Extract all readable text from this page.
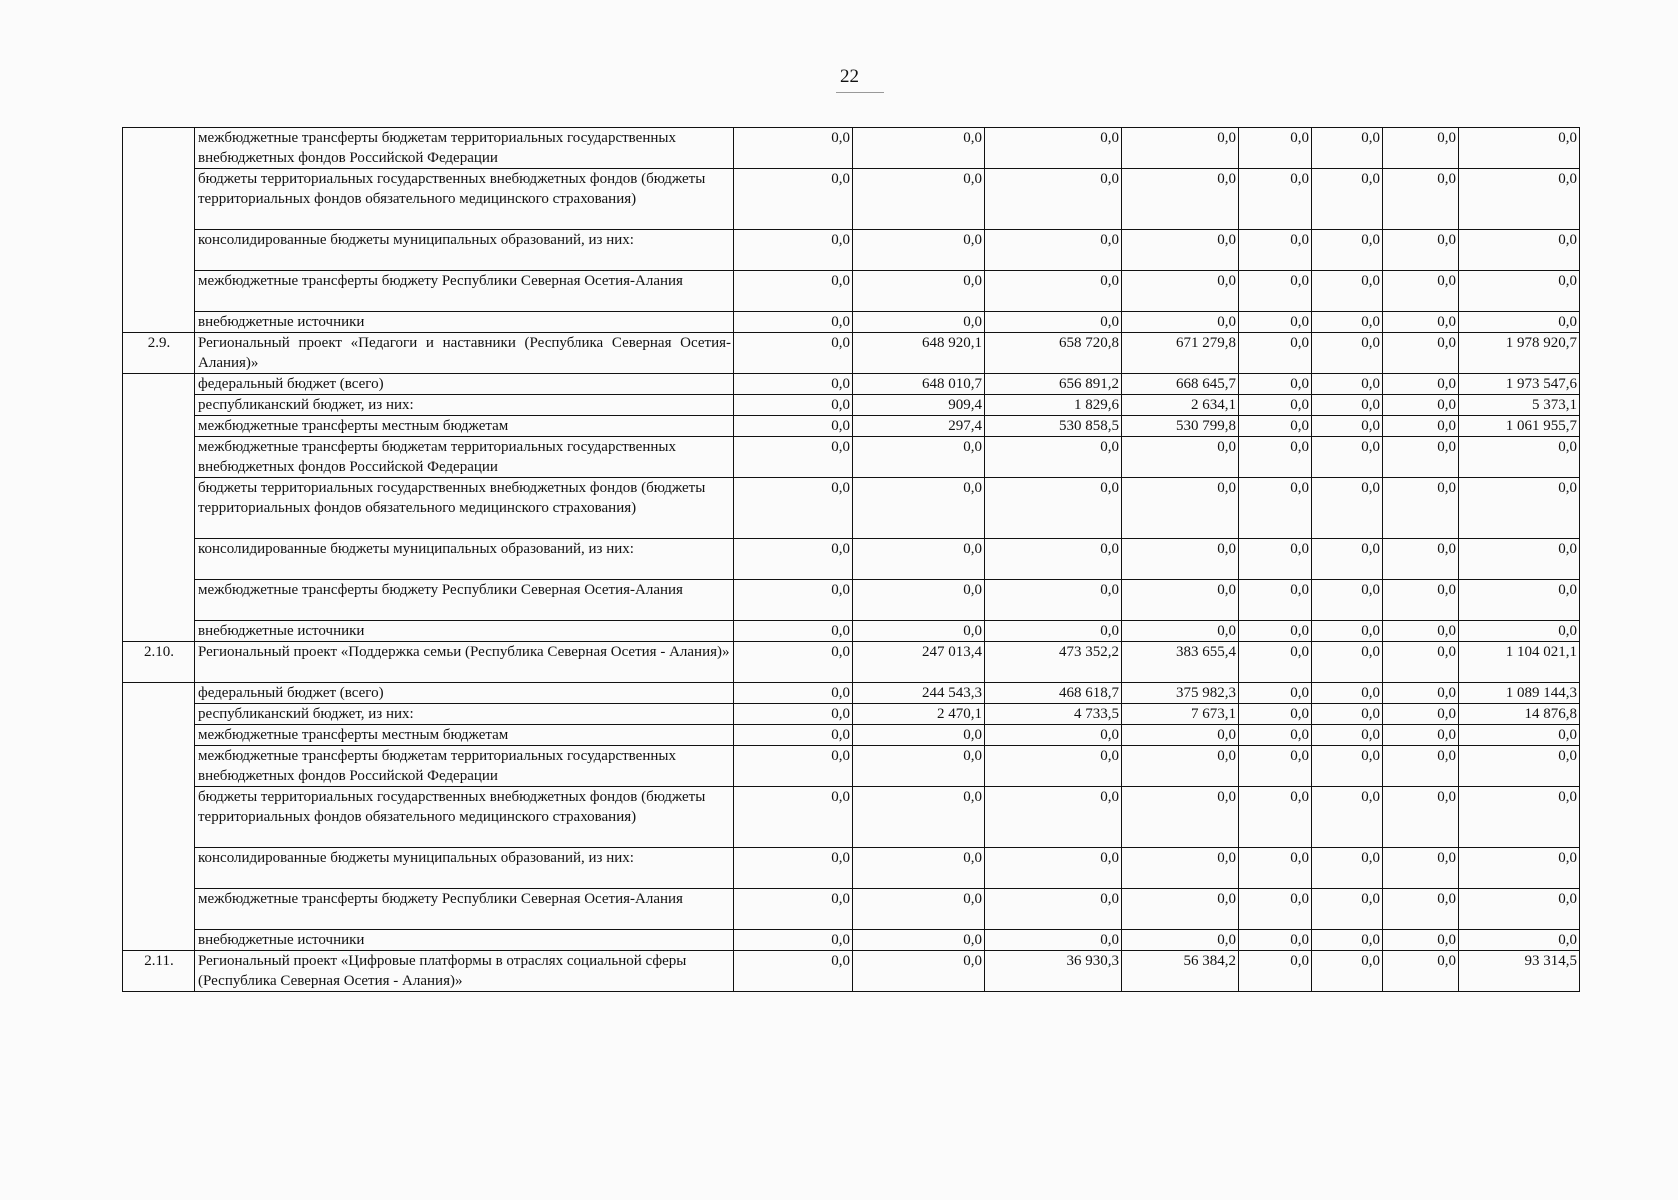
22
	межбюджетные трансферты бюджетам территориальных государственных внебюджетных фондов Российской Федерации	0,0	0,0	0,0	0,0	0,0	0,0	0,0	0,0
	бюджеты территориальных государственных внебюджетных фондов (бюджеты территориальных фондов обязательного медицинского страхования)	0,0	0,0	0,0	0,0	0,0	0,0	0,0	0,0
	консолидированные бюджеты муниципальных образований, из них:	0,0	0,0	0,0	0,0	0,0	0,0	0,0	0,0
	межбюджетные трансферты бюджету Республики Северная Осетия-Алания	0,0	0,0	0,0	0,0	0,0	0,0	0,0	0,0
	внебюджетные источники	0,0	0,0	0,0	0,0	0,0	0,0	0,0	0,0
2.9.	Региональный проект «Педагоги и наставники (Республика Северная Осетия-Алания)»	0,0	648 920,1	658 720,8	671 279,8	0,0	0,0	0,0	1 978 920,7
	федеральный бюджет (всего)	0,0	648 010,7	656 891,2	668 645,7	0,0	0,0	0,0	1 973 547,6
	республиканский бюджет, из них:	0,0	909,4	1 829,6	2 634,1	0,0	0,0	0,0	5 373,1
	межбюджетные трансферты местным бюджетам	0,0	297,4	530 858,5	530 799,8	0,0	0,0	0,0	1 061 955,7
	межбюджетные трансферты бюджетам территориальных государственных внебюджетных фондов Российской Федерации	0,0	0,0	0,0	0,0	0,0	0,0	0,0	0,0
	бюджеты территориальных государственных внебюджетных фондов (бюджеты территориальных фондов обязательного медицинского страхования)	0,0	0,0	0,0	0,0	0,0	0,0	0,0	0,0
	консолидированные бюджеты муниципальных образований, из них:	0,0	0,0	0,0	0,0	0,0	0,0	0,0	0,0
	межбюджетные трансферты бюджету Республики Северная Осетия-Алания	0,0	0,0	0,0	0,0	0,0	0,0	0,0	0,0
	внебюджетные источники	0,0	0,0	0,0	0,0	0,0	0,0	0,0	0,0
2.10.	Региональный проект «Поддержка семьи (Республика Северная Осетия - Алания)»	0,0	247 013,4	473 352,2	383 655,4	0,0	0,0	0,0	1 104 021,1
	федеральный бюджет (всего)	0,0	244 543,3	468 618,7	375 982,3	0,0	0,0	0,0	1 089 144,3
	республиканский бюджет, из них:	0,0	2 470,1	4 733,5	7 673,1	0,0	0,0	0,0	14 876,8
	межбюджетные трансферты местным бюджетам	0,0	0,0	0,0	0,0	0,0	0,0	0,0	0,0
	межбюджетные трансферты бюджетам территориальных государственных внебюджетных фондов Российской Федерации	0,0	0,0	0,0	0,0	0,0	0,0	0,0	0,0
	бюджеты территориальных государственных внебюджетных фондов (бюджеты территориальных фондов обязательного медицинского страхования)	0,0	0,0	0,0	0,0	0,0	0,0	0,0	0,0
	консолидированные бюджеты муниципальных образований, из них:	0,0	0,0	0,0	0,0	0,0	0,0	0,0	0,0
	межбюджетные трансферты бюджету Республики Северная Осетия-Алания	0,0	0,0	0,0	0,0	0,0	0,0	0,0	0,0
	внебюджетные источники	0,0	0,0	0,0	0,0	0,0	0,0	0,0	0,0
2.11.	Региональный проект «Цифровые платформы в отраслях социальной сферы (Республика Северная Осетия - Алания)»	0,0	0,0	36 930,3	56 384,2	0,0	0,0	0,0	93 314,5
